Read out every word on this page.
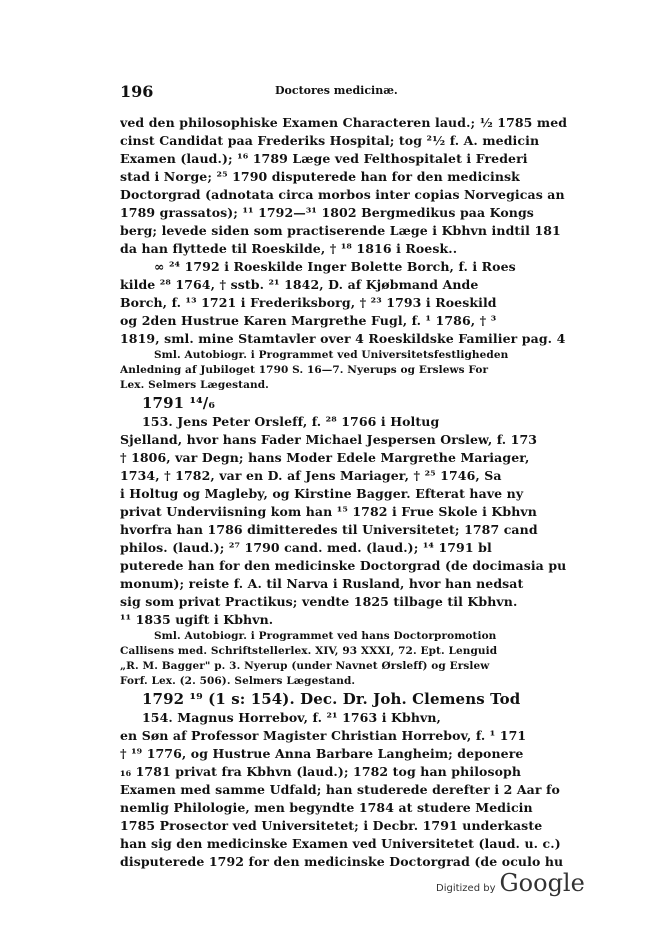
196	Doctores medicinæ.
ved den philosophiske Examen Characteren laud.; ½ 1785 med
cinst Candidat paa Frederiks Hospital; tog ²½ f. A. medicin
Examen (laud.); ¹⁶ 1789 Læge ved Felthospitalet i Frederi
stad i Norge; ²⁵ 1790 disputerede han for den medicinsk
Doctorgrad (adnotata circa morbos inter copias Norvegicas an
1789 grassatos); ¹¹ 1792—³¹ 1802 Bergmedikus paa Kongs
berg; levede siden som practiserende Læge i Kbhvn indtil 181
da han flyttede til Roeskilde, † ¹⁸ 1816 i Roesk..
∞ ²⁴ 1792 i Roeskilde Inger Bolette Borch, f. i Roes
kilde ²⁸ 1764, † sstb. ²¹ 1842, D. af Kjøbmand Ande
Borch, f. ¹³ 1721 i Frederiksborg, † ²³ 1793 i Roeskild
og 2den Hustrue Karen Margrethe Fugl, f. ¹ 1786, † ³
1819, sml. mine Stamtavler over 4 Roeskildske Familier pag. 4
Sml. Autobiogr. i Programmet ved Universitetsfestligheden
Anledning af Jubiloget 1790 S. 16—7. Nyerups og Erslews For
Lex. Selmers Lægestand.
1791 ¹⁴/₆
153. Jens Peter Orsleff, f. ²⁸ 1766 i Holtug
Sjelland, hvor hans Fader Michael Jespersen Orslew, f. 173
† 1806, var Degn; hans Moder Edele Margrethe Mariager,
1734, † 1782, var en D. af Jens Mariager, † ²⁵ 1746, Sa
i Holtug og Magleby, og Kirstine Bagger. Efterat have ny
privat Underviisning kom han ¹⁵ 1782 i Frue Skole i Kbhvn
hvorfra han 1786 dimitteredes til Universitetet; 1787 cand
philos. (laud.); ²⁷ 1790 cand. med. (laud.); ¹⁴ 1791 bl
puterede han for den medicinske Doctorgrad (de docimasia pu
monum); reiste f. A. til Narva i Rusland, hvor han nedsat
sig som privat Practikus; vendte 1825 tilbage til Kbhvn.
¹¹ 1835 ugift i Kbhvn.
Sml. Autobiogr. i Programmet ved hans Doctorpromotion
Callisens med. Schriftstellerlex. XIV, 93 XXXI, 72. Ept. Lenguid
„R. M. Bagger" p. 3. Nyerup (under Navnet Ørsleff) og Erslew
Forf. Lex. (2. 506). Selmers Lægestand.
1792 ¹⁹ (1 s: 154). Dec. Dr. Joh. Clemens Tod
154. Magnus Horrebov, f. ²¹ 1763 i Kbhvn,
en Søn af Professor Magister Christian Horrebov, f. ¹ 171
† ¹⁹ 1776, og Hustrue Anna Barbare Langheim; deponere
₁₆ 1781 privat fra Kbhvn (laud.); 1782 tog han philosoph
Examen med samme Udfald; han studerede derefter i 2 Aar fo
nemlig Philologie, men begyndte 1784 at studere Medicin
1785 Prosector ved Universitetet; i Decbr. 1791 underkaste
han sig den medicinske Examen ved Universitetet (laud. u. c.)
disputerede 1792 for den medicinske Doctorgrad (de oculo hu
Digitized by Google
